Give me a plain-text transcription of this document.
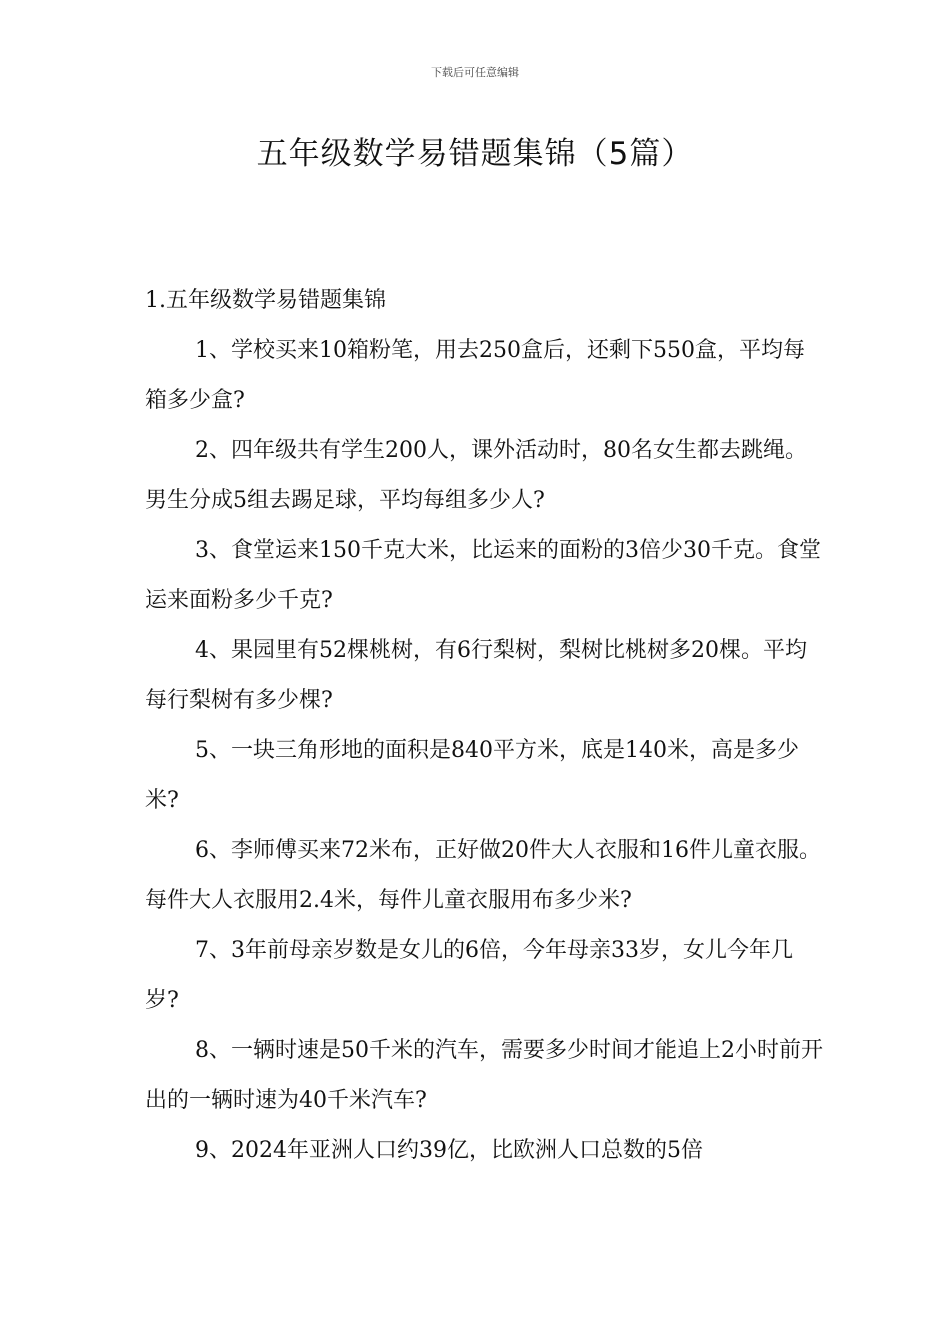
下载后可任意编辑
五年级数学易错题集锦（5篇）

1.五年级数学易错题集锦

1、学校买来10箱粉笔，用去250盒后，还剩下550盒，平均每箱多少盒?

2、四年级共有学生200人，课外活动时，80名女生都去跳绳。男生分成5组去踢足球，平均每组多少人?

3、食堂运来150千克大米，比运来的面粉的3倍少30千克。食堂运来面粉多少千克?

4、果园里有52棵桃树，有6行梨树，梨树比桃树多20棵。平均每行梨树有多少棵?

5、一块三角形地的面积是840平方米，底是140米，高是多少米?

6、李师傅买来72米布，正好做20件大人衣服和16件儿童衣服。每件大人衣服用2.4米，每件儿童衣服用布多少米?

7、3年前母亲岁数是女儿的6倍，今年母亲33岁，女儿今年几岁?

8、一辆时速是50千米的汽车，需要多少时间才能追上2小时前开出的一辆时速为40千米汽车?

9、2024年亚洲人口约39亿，比欧洲人口总数的5倍
